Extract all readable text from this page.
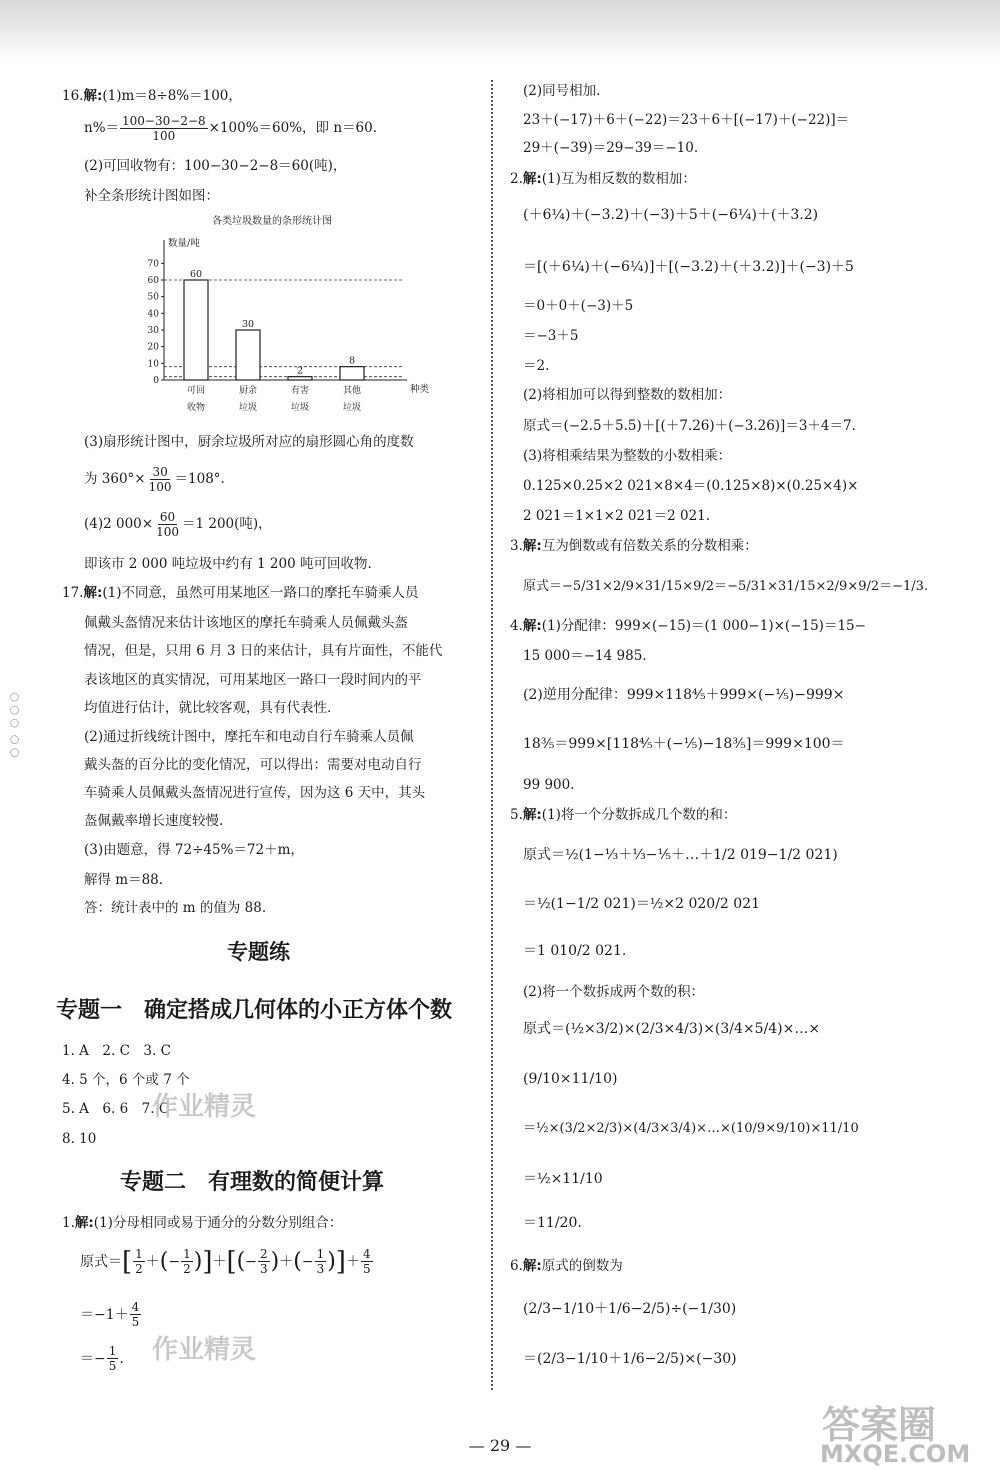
○○○ ○○
16.解:(1)m＝8÷8%＝100，
$n\%= \frac{100-30-2-8}{100} \times 100\%=60\%$，即 n＝60.
(2)可回收物有：100−30−2−8＝60(吨)，
补全条形统计图如图：
各类垃圾数量的条形统计图
数量/吨
种类
0
10
20
30
40
50
60
70
60
可回
收物
30
厨余
垃圾
2
有害
垃圾
8
其他
垃圾
(3)扇形统计图中，厨余垃圾所对应的扇形圆心角的度数
为 $360^\circ\times \frac{30}{100} =108^\circ$.
(4)2 $000\times \frac{60}{100} =1$ 200(吨)，
即该市 2 000 吨垃圾中约有 1 200 吨可回收物.
17.解:(1)不同意，虽然可用某地区一路口的摩托车骑乘人员
佩戴头盔情况来估计该地区的摩托车骑乘人员佩戴头盔
情况，但是，只用 6 月 3 日的来估计，具有片面性，不能代
表该地区的真实情况，可用某地区一路口一段时间内的平
均值进行估计，就比较客观，具有代表性.
(2)通过折线统计图中，摩托车和电动自行车骑乘人员佩
戴头盔的百分比的变化情况，可以得出：需要对电动自行
车骑乘人员佩戴头盔情况进行宣传，因为这 6 天中，其头
盔佩戴率增长速度较慢.
(3)由题意，得 72÷45%＝72＋m，
解得 m＝88.
答：统计表中的 m 的值为 88.
专题练
专题一　确定搭成几何体的小正方体个数
1. A　2. C　3. C
4. 5 个，6 个或 7 个
5. A　6. 6　7. C
8. 10
作业精灵
专题二　有理数的简便计算
1.解:(1)分母相同或易于通分的分数分别组合：
原式＝ [ $\frac{1}{2}$ ＋ ( − $\frac{1}{2}$ ) ] ＋ [ ( − $\frac{2}{3}$ ) ＋ ( − $\frac{1}{3}$ ) ] ＋ $\frac{4}{5}$
$=-1+ \frac{4}{5}$
＝− $\frac{1}{5}$ . 作业精灵
(2)同号相加.
23＋(−17)＋6＋(−22)＝23＋6＋[(−17)＋(−22)]＝
29＋(−39)＝29−39＝−10.
2.解:(1)互为相反数的数相加：
(＋6¼)＋(−3.2)＋(−3)＋5＋(−6¼)＋(＋3.2)
＝[(＋6¼)＋(−6¼)]＋[(−3.2)＋(＋3.2)]＋(−3)＋5
＝0＋0＋(−3)＋5
＝−3＋5
＝2.
(2)将相加可以得到整数的数相加：
原式＝(−2.5＋5.5)＋[(＋7.26)＋(−3.26)]＝3＋4＝7.
(3)将相乘结果为整数的小数相乘：
0.125×0.25×2 021×8×4＝(0.125×8)×(0.25×4)×
2 021＝1×1×2 021＝2 021.
3.解:互为倒数或有倍数关系的分数相乘：
原式＝−5/31×2/9×31/15×9/2＝−5/31×31/15×2/9×9/2＝−1/3.
4.解:(1)分配律：999×(−15)＝(1 000−1)×(−15)＝15−
15 000＝−14 985.
(2)逆用分配律：999×118⁴⁄₅＋999×(−⅕)−999×
18³⁄₅＝999×[118⁴⁄₅＋(−⅕)−18³⁄₅]＝999×100＝
99 900.
5.解:(1)将一个分数拆成几个数的和：
原式＝½(1−⅓＋⅓−⅕＋…＋1/2 019−1/2 021)
＝½(1−1/2 021)＝½×2 020/2 021
＝1 010/2 021.
(2)将一个数拆成两个数的积：
原式＝(½×3/2)×(2/3×4/3)×(3/4×5/4)×…×
(9/10×11/10)
＝½×(3/2×2/3)×(4/3×3/4)×…×(10/9×9/10)×11/10
＝½×11/10
＝11/20.
6.解:原式的倒数为
(2/3−1/10＋1/6−2/5)÷(−1/30)
＝(2/3−1/10＋1/6−2/5)×(−30)
— 29 —	答案圈
MXQE.COM
